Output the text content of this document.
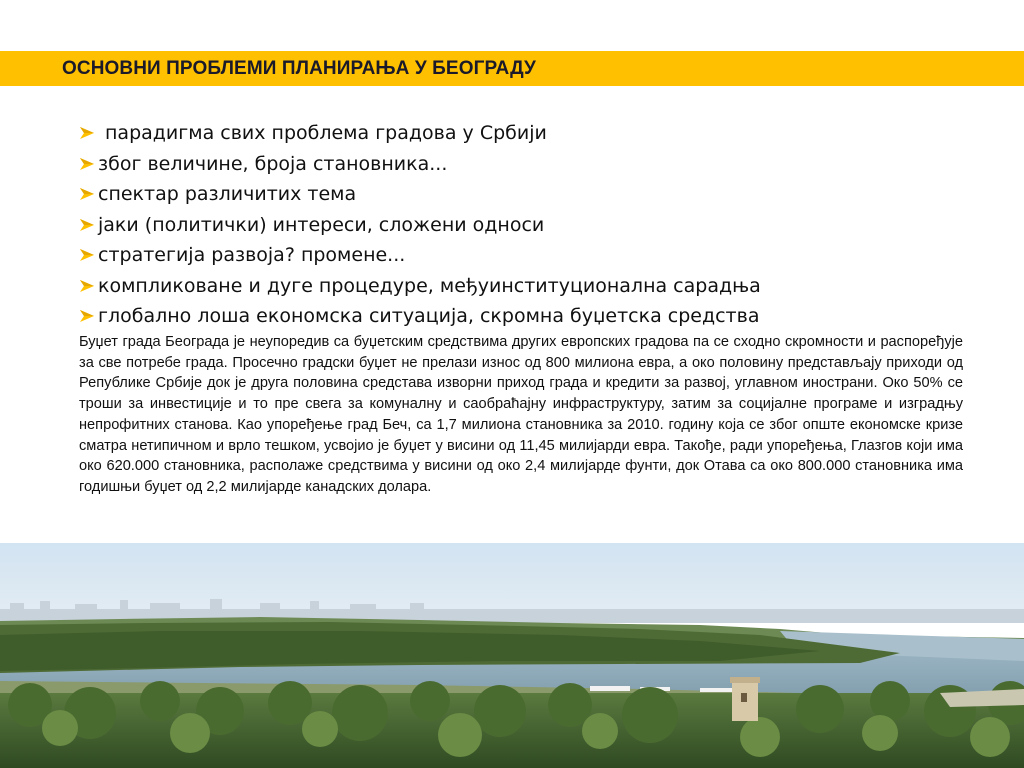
ОСНОВНИ ПРОБЛЕМИ ПЛАНИРАЊА У БЕОГРАДУ
парадигма свих проблема градова у Србији
због величине, броја становника...
спектар различитих тема
јаки (политички) интереси, сложени односи
стратегија развоја? промене...
компликоване и дуге процедуре, међуинституционална сарадња
глобално лоша економска ситуација, скромна буџетска средства

Буџет града Београда је неупоредив са буџетским средствима других европских градова па се сходно скромности и распоређује за све потребе града. Просечно градски буџет не прелази износ од 800 милиона евра, а око половину представљају приходи од Републике Србије док је друга половина средстава изворни приход града и кредити за развој, углавном инострани. Око 50% се троши за инвестиције и то пре свега за комуналну и саобраћајну инфраструктуру, затим за социјалне програме и изградњу непрофитних станова. Као упоређење град Беч, са 1,7 милиона становника за 2010. годину која се због опште економске кризе сматра нетипичном и врло тешком, усвојио је буџет у висини од 11,45 милијарди евра. Такође, ради упоређења, Глазгов који има око 620.000 становника, располаже средствима у висини од око 2,4 милијарде фунти, док Отава са око 800.000 становника има годишњи буџет од 2,2 милијарде канадских долара.
